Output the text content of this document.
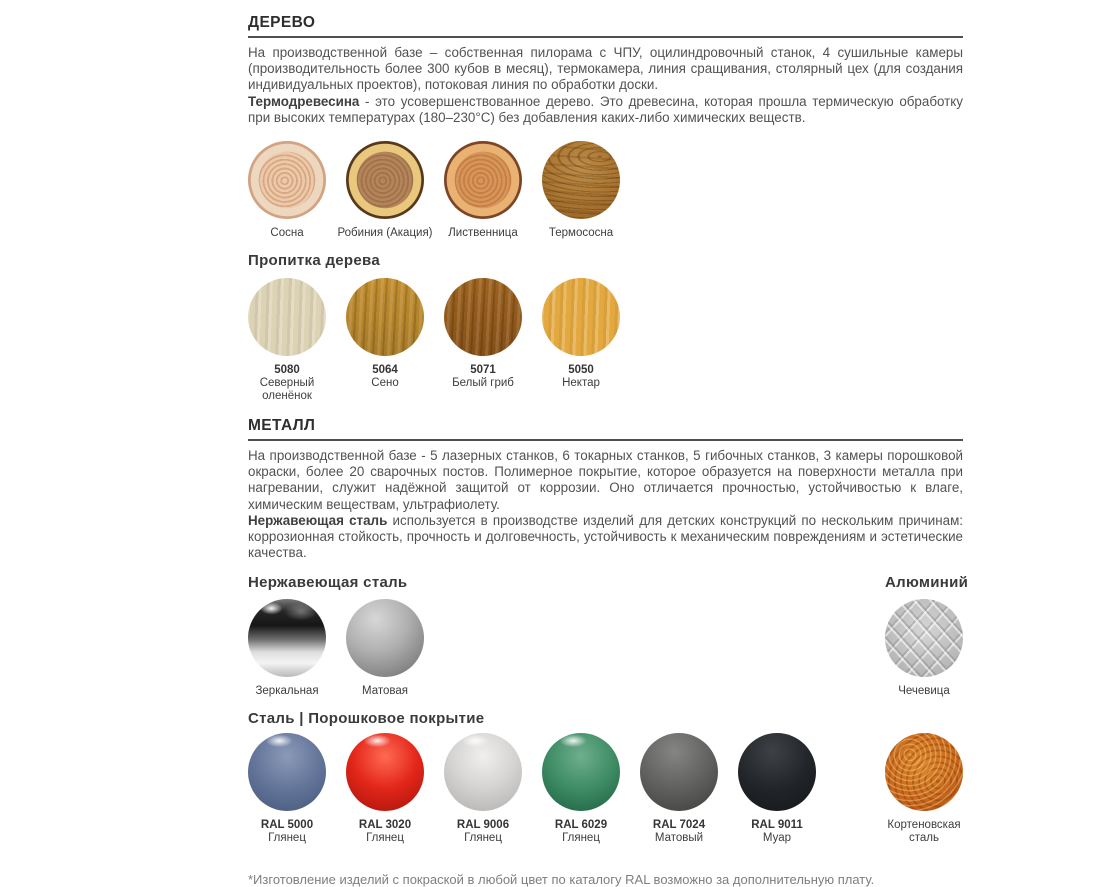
ДЕРЕВО

На производственной базе – собственная пилорама с ЧПУ, оцилиндровочный станок, 4 сушильные камеры (производительность более 300 кубов в месяц), термокамера, линия сращивания, столярный цех (для создания индивидуальных проектов), потоковая линия по обработки доски.

Термодревесина - это усовершенствованное дерево. Это древесина, которая прошла термическую обработку при высоких температурах (180–230°С) без добавления каких-либо химических веществ.

Сосна	Робиния (Акация) Лиственница	Термососна
Пропитка дерева
5080
Северный оленёнок
5064
Сено
5071
Белый гриб
5050
Нектар
МЕТАЛЛ

На производственной базе - 5 лазерных станков, 6 токарных станков, 5 гибочных станков, 3 камеры порошковой окраски, более 20 сварочных постов. Полимерное покрытие, которое образуется на поверхности металла при нагревании, служит надёжной защитой от коррозии. Оно отличается прочностью, устойчивостью к влаге, химическим веществам, ультрафиолету.

Нержавеющая сталь используется в производстве изделий для детских конструкций по нескольким причинам: коррозионная стойкость, прочность и долговечность, устойчивость к механическим повреждениям и эстетические качества.

Нержавеющая сталь	Алюминий
Зеркальная	Матовая	Чечевица
Сталь | Порошковое покрытие
RAL 5000
Глянец
RAL 3020
Глянец
RAL 9006
Глянец
RAL 6029
Глянец
RAL 7024
Матовый
RAL 9011
Муар
Кортеновская сталь

*Изготовление изделий с покраской в любой цвет по каталогу RAL возможно за дополнительную плату.
